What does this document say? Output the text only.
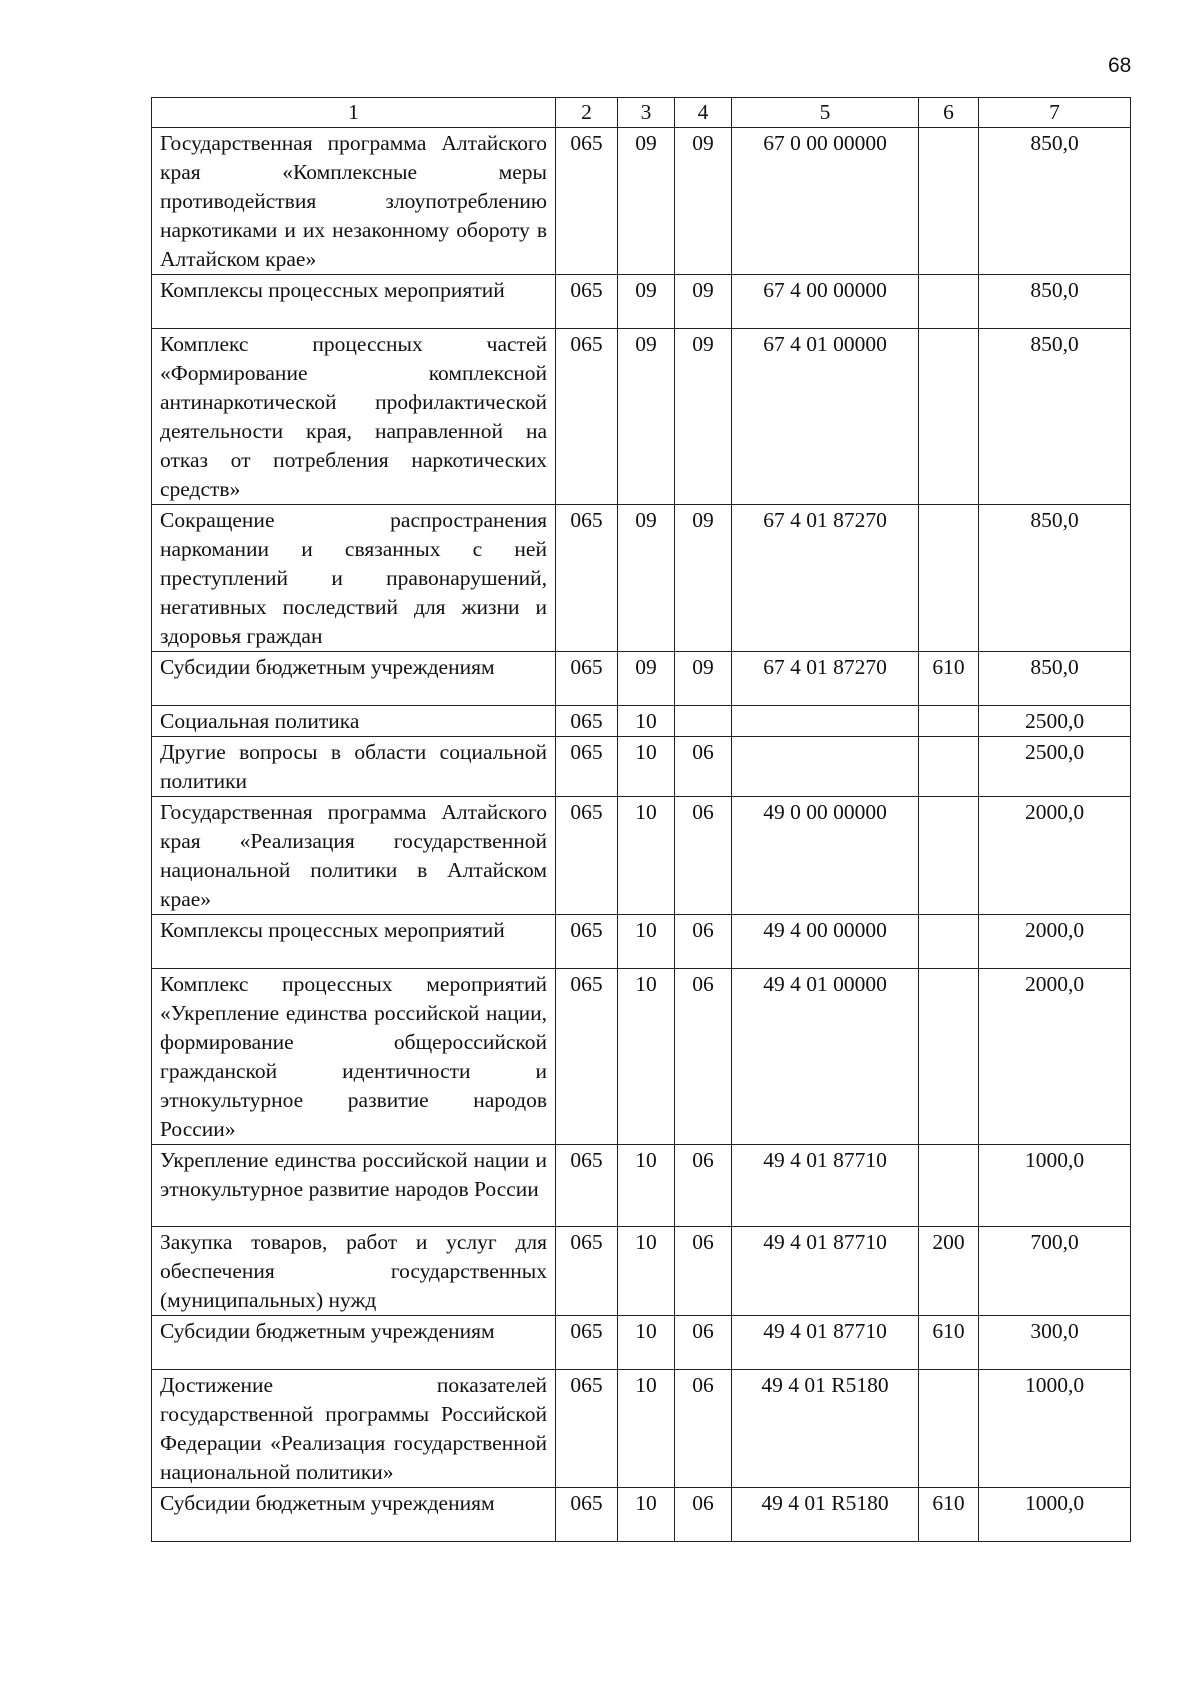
68
1	2	3	4	5	6	7
Государственная программа Алтайского края «Комплексные меры противодействия злоупотреблению наркотиками и их незаконному обороту в Алтайском крае»	065	09	09	67 0 00 00000		850,0
Комплексы процессных мероприятий	065	09	09	67 4 00 00000		850,0
Комплекс процессных частей «Формирование комплексной антинаркотической профилактической деятельности края, направленной на отказ от потребления наркотических средств»	065	09	09	67 4 01 00000		850,0
Сокращение распространения наркомании и связанных с ней преступлений и правонарушений, негативных последствий для жизни и здоровья граждан	065	09	09	67 4 01 87270		850,0
Субсидии бюджетным учреждениям	065	09	09	67 4 01 87270	610	850,0
Социальная политика	065	10				2500,0
Другие вопросы в области социальной политики	065	10	06			2500,0
Государственная программа Алтайского края «Реализация государственной национальной политики в Алтайском крае»	065	10	06	49 0 00 00000		2000,0
Комплексы процессных мероприятий	065	10	06	49 4 00 00000		2000,0
Комплекс процессных мероприятий «Укрепление единства российской нации, формирование общероссийской гражданской идентичности и этнокультурное развитие народов России»	065	10	06	49 4 01 00000		2000,0
Укрепление единства российской нации и этнокультурное развитие народов России	065	10	06	49 4 01 87710		1000,0
Закупка товаров, работ и услуг для обеспечения государственных (муниципальных) нужд	065	10	06	49 4 01 87710	200	700,0
Субсидии бюджетным учреждениям	065	10	06	49 4 01 87710	610	300,0
Достижение показателей государственной программы Российской Федерации «Реализация государственной национальной политики»	065	10	06	49 4 01 R5180		1000,0
Субсидии бюджетным учреждениям	065	10	06	49 4 01 R5180	610	1000,0
